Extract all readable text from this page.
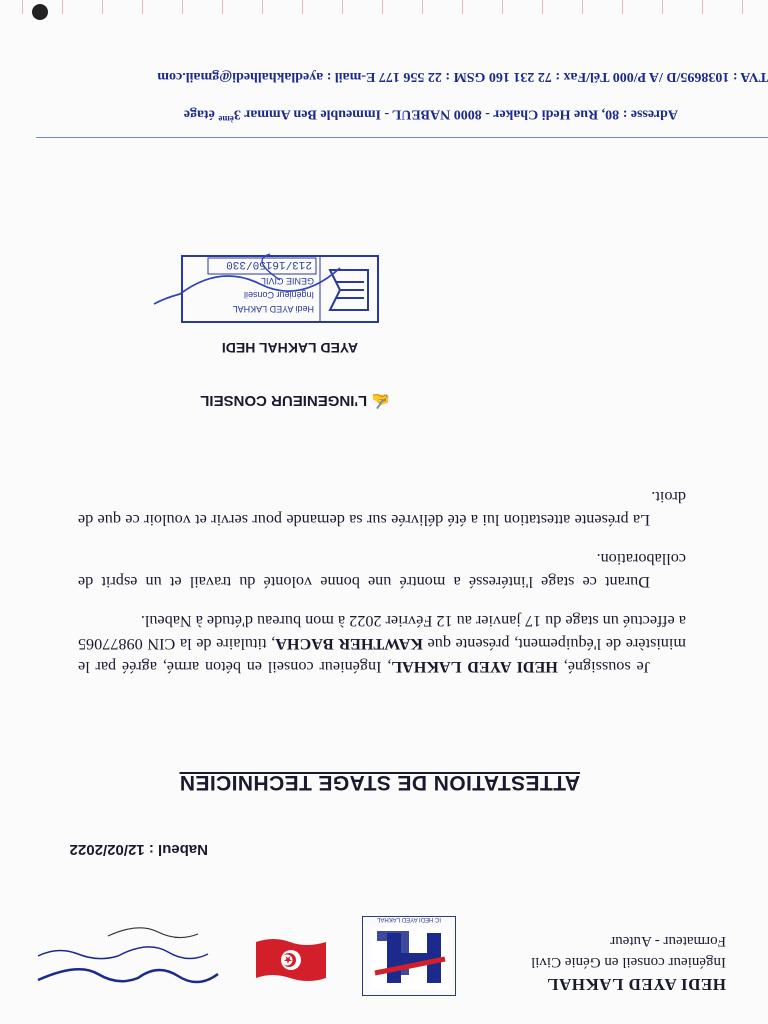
HEDI AYED LAKHAL
Ingénieur conseil en Génie Civil
Formateur - Auteur
IC HEDI AYED LAKHAL
Nabeul : 12/02/2022
ATTESTATION DE STAGE TECHNICIEN

Je soussigné, HEDI AYED LAKHAL, Ingénieur conseil en béton armé, agréé par le ministère de l'équipement, présente que KAWTHER BACHA, titulaire de la CIN 09877065 a effectué un stage du 17 janvier au 12 Février 2022 à mon bureau d'étude à Nabeul.

Durant ce stage l'intéressé a montré une bonne volonté du travail et un esprit de collaboration.

La présente attestation lui a été délivrée sur sa demande pour servir et vouloir ce que de droit.

✍ L'INGENIEUR CONSEIL
AYED LAKHAL HEDI
Hedi AYED LAKHAL
Ingénieur Conseil
GENIE CIVIL
213/16150/330
Adresse : 80, Rue Hedi Chaker - 8000 NABEUL - Immeuble Ben Ammar 3ème étage
TVA : 1038695/D /A P/000 Tél/Fax : 72 231 160 GSM : 22 556 177 E-mail : ayedlakhalhedi@gmail.com
